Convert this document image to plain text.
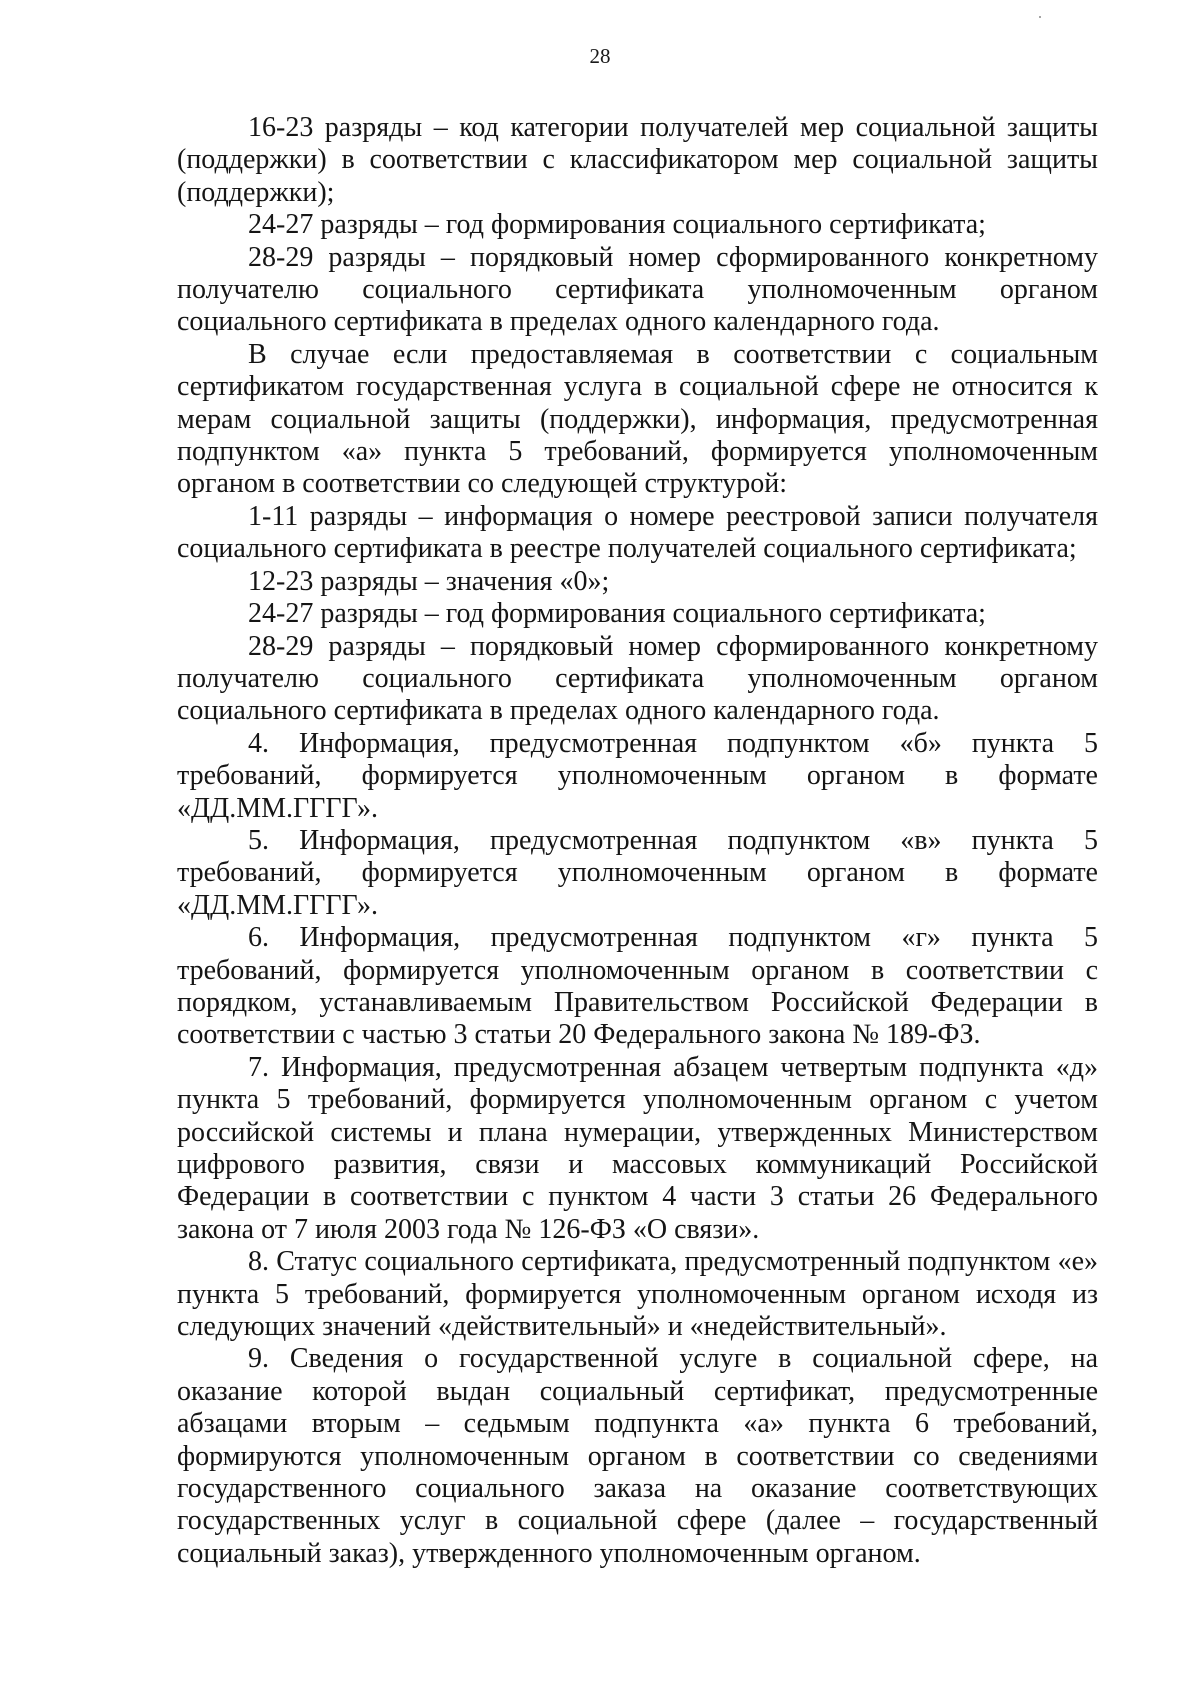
28

16-23 разряды – код категории получателей мер социальной защиты (поддержки) в соответствии с классификатором мер социальной защиты (поддержки);

24-27 разряды – год формирования социального сертификата;

28-29 разряды – порядковый номер сформированного конкретному получателю социального сертификата уполномоченным органом социального сертификата в пределах одного календарного года.

В случае если предоставляемая в соответствии с социальным сертификатом государственная услуга в социальной сфере не относится к мерам социальной защиты (поддержки), информация, предусмотренная подпунктом «а» пункта 5 требований, формируется уполномоченным органом в соответствии со следующей структурой:

1-11 разряды – информация о номере реестровой записи получателя социального сертификата в реестре получателей социального сертификата;

12-23 разряды – значения «0»;

24-27 разряды – год формирования социального сертификата;

28-29 разряды – порядковый номер сформированного конкретному получателю социального сертификата уполномоченным органом социального сертификата в пределах одного календарного года.

4. Информация, предусмотренная подпунктом «б» пункта 5 требований, формируется уполномоченным органом в формате «ДД.ММ.ГГГГ».

5. Информация, предусмотренная подпунктом «в» пункта 5 требований, формируется уполномоченным органом в формате «ДД.ММ.ГГГГ».

6. Информация, предусмотренная подпунктом «г» пункта 5 требований, формируется уполномоченным органом в соответствии с порядком, устанавливаемым Правительством Российской Федерации в соответствии с частью 3 статьи 20 Федерального закона № 189-ФЗ.

7. Информация, предусмотренная абзацем четвертым подпункта «д» пункта 5 требований, формируется уполномоченным органом с учетом российской системы и плана нумерации, утвержденных Министерством цифрового развития, связи и массовых коммуникаций Российской Федерации в соответствии с пунктом 4 части 3 статьи 26 Федерального закона от 7 июля 2003 года № 126-ФЗ «О связи».

8. Статус социального сертификата, предусмотренный подпунктом «е» пункта 5 требований, формируется уполномоченным органом исходя из следующих значений «действительный» и «недействительный».

9. Сведения о государственной услуге в социальной сфере, на оказание которой выдан социальный сертификат, предусмотренные абзацами вторым – седьмым подпункта «а» пункта 6 требований, формируются уполномоченным органом в соответствии со сведениями государственного социального заказа на оказание соответствующих государственных услуг в социальной сфере (далее – государственный социальный заказ), утвержденного уполномоченным органом.
